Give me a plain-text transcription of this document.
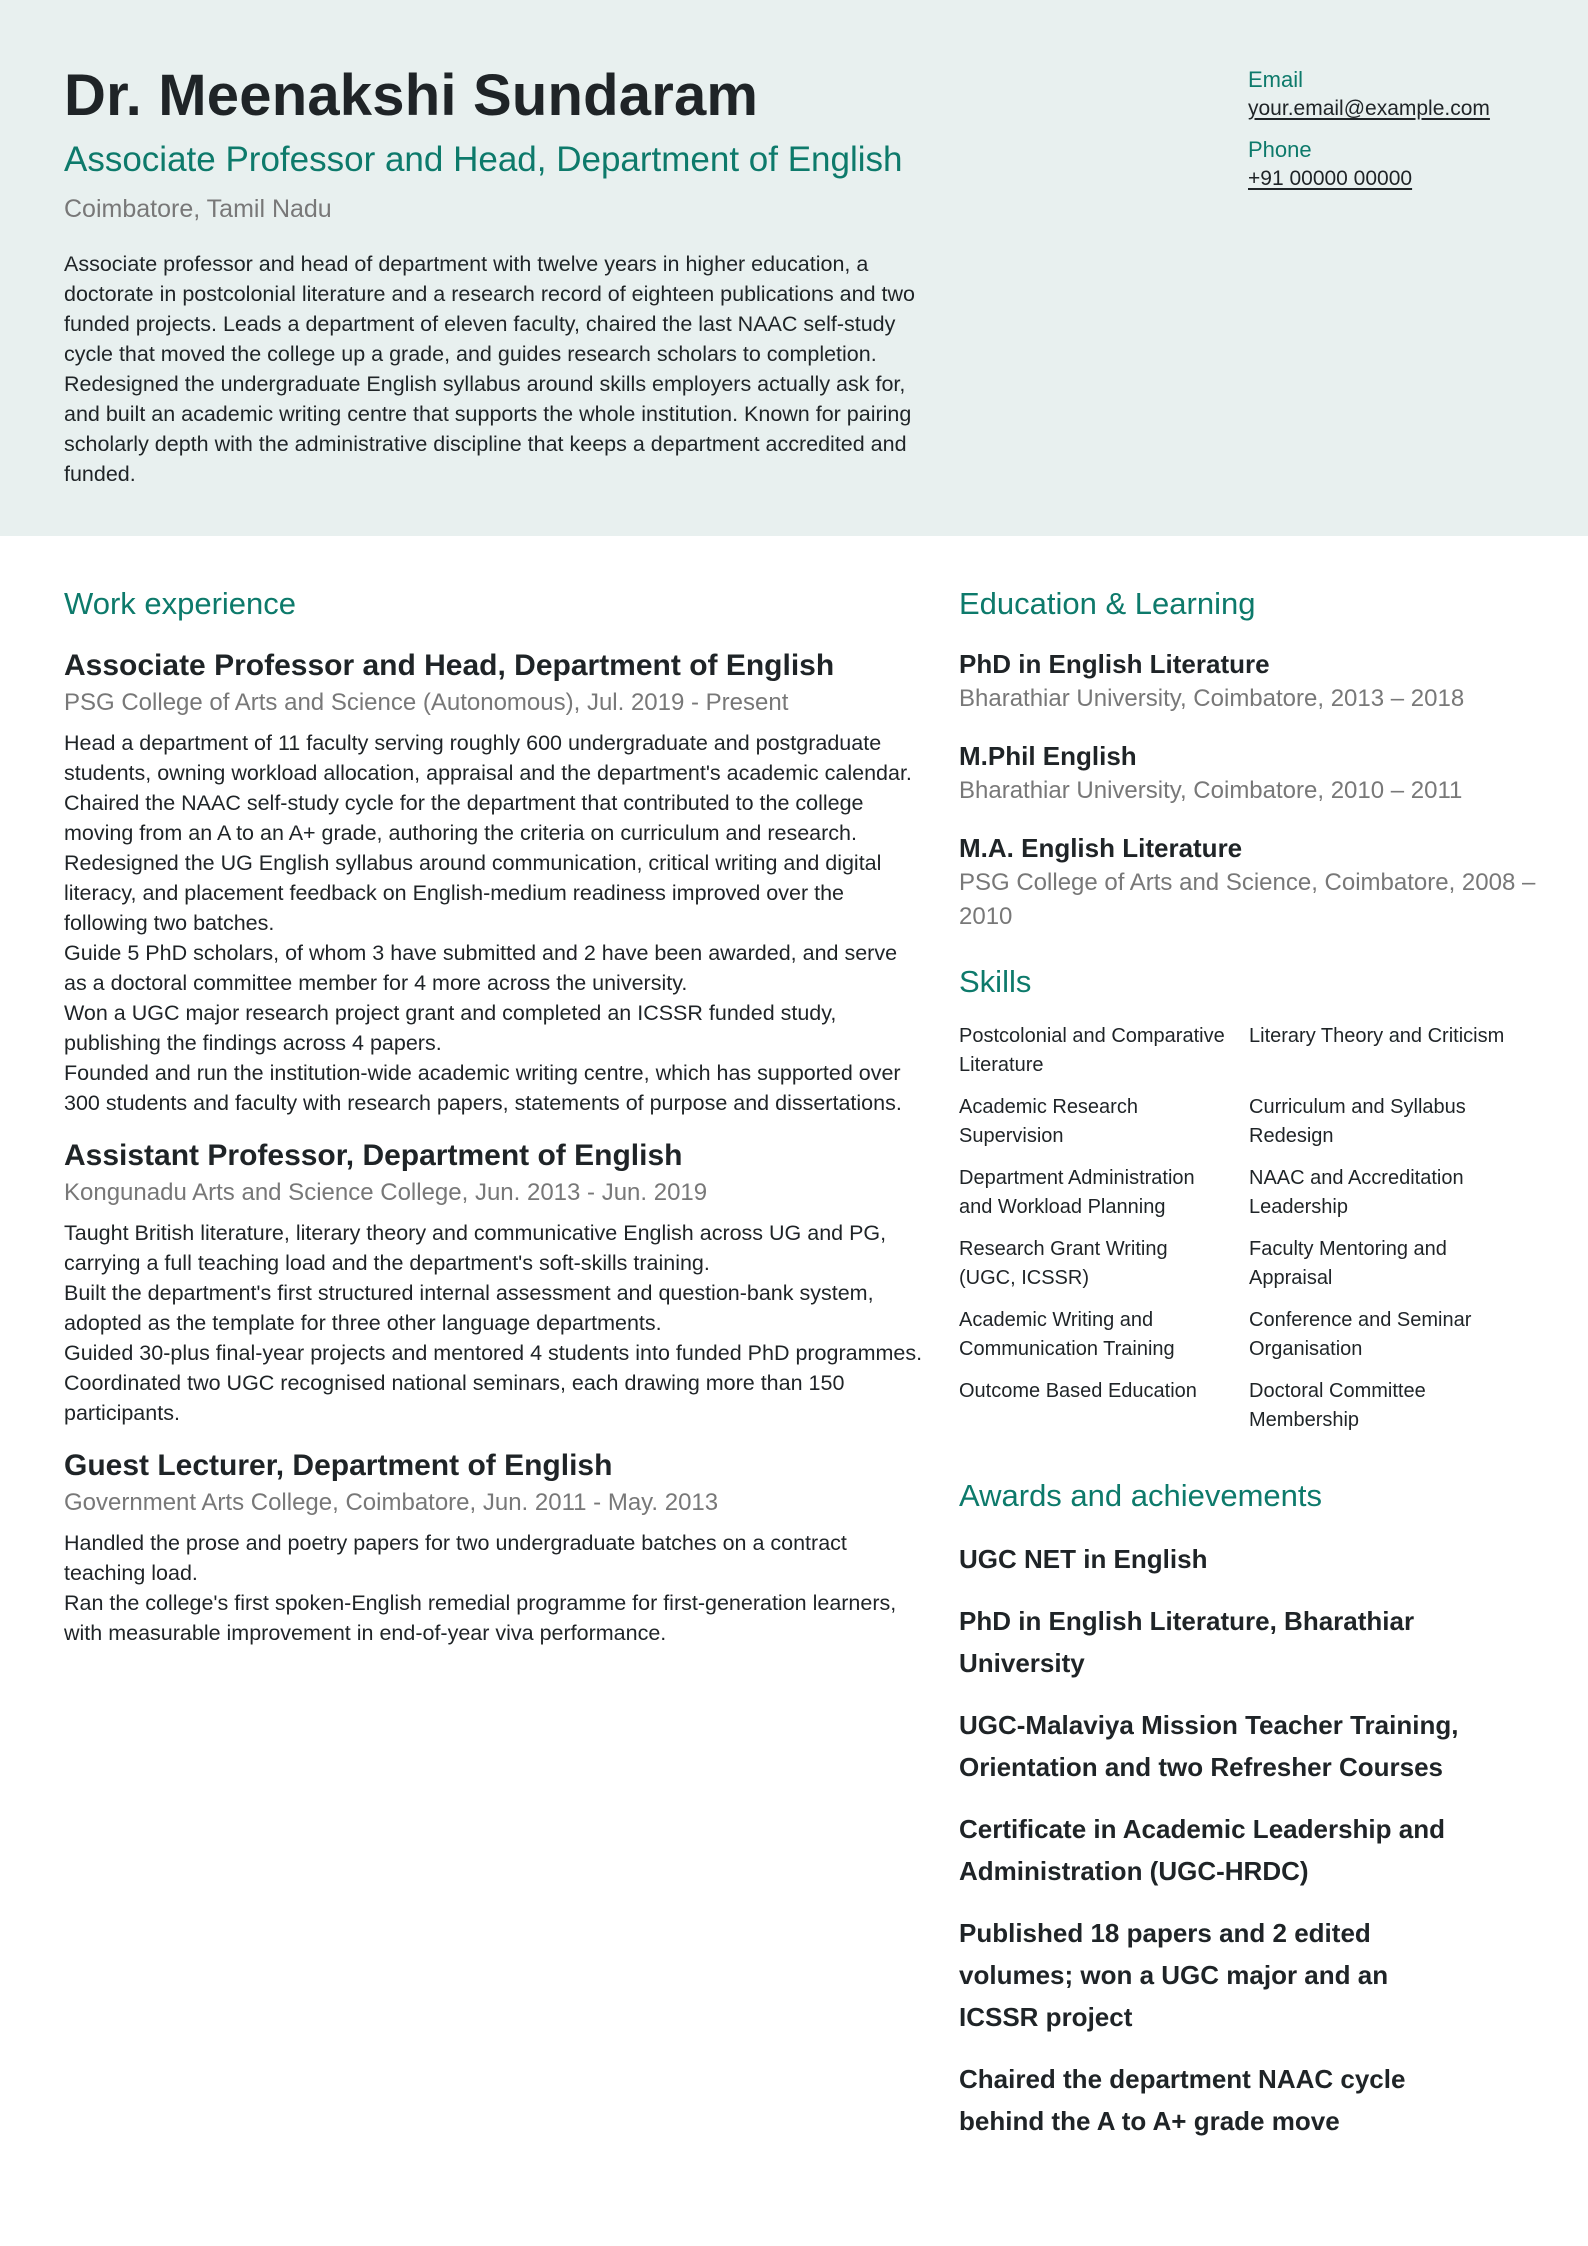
Dr. Meenakshi Sundaram
Associate Professor and Head, Department of English
Coimbatore, Tamil Nadu
Associate professor and head of department with twelve years in higher education, a doctorate in postcolonial literature and a research record of eighteen publications and two funded projects. Leads a department of eleven faculty, chaired the last NAAC self-study cycle that moved the college up a grade, and guides research scholars to completion. Redesigned the undergraduate English syllabus around skills employers actually ask for, and built an academic writing centre that supports the whole institution. Known for pairing scholarly depth with the administrative discipline that keeps a department accredited and funded.
Email
your.email@example.com
Phone
+91 00000 00000
Work experience
Associate Professor and Head, Department of English
PSG College of Arts and Science (Autonomous), Jul. 2019 - Present
Head a department of 11 faculty serving roughly 600 undergraduate and postgraduate students, owning workload allocation, appraisal and the department's academic calendar.
Chaired the NAAC self-study cycle for the department that contributed to the college moving from an A to an A+ grade, authoring the criteria on curriculum and research.
Redesigned the UG English syllabus around communication, critical writing and digital literacy, and placement feedback on English-medium readiness improved over the following two batches.
Guide 5 PhD scholars, of whom 3 have submitted and 2 have been awarded, and serve as a doctoral committee member for 4 more across the university.
Won a UGC major research project grant and completed an ICSSR funded study, publishing the findings across 4 papers.
Founded and run the institution-wide academic writing centre, which has supported over 300 students and faculty with research papers, statements of purpose and dissertations.
Assistant Professor, Department of English
Kongunadu Arts and Science College, Jun. 2013 - Jun. 2019
Taught British literature, literary theory and communicative English across UG and PG, carrying a full teaching load and the department's soft-skills training.
Built the department's first structured internal assessment and question-bank system, adopted as the template for three other language departments.
Guided 30-plus final-year projects and mentored 4 students into funded PhD programmes.
Coordinated two UGC recognised national seminars, each drawing more than 150 participants.
Guest Lecturer, Department of English
Government Arts College, Coimbatore, Jun. 2011 - May. 2013
Handled the prose and poetry papers for two undergraduate batches on a contract teaching load.
Ran the college's first spoken-English remedial programme for first-generation learners, with measurable improvement in end-of-year viva performance.
Education & Learning
PhD in English Literature
Bharathiar University, Coimbatore, 2013 – 2018
M.Phil English
Bharathiar University, Coimbatore, 2010 – 2011
M.A. English Literature
PSG College of Arts and Science, Coimbatore, 2008 – 2010
Skills
Postcolonial and Comparative Literature
Literary Theory and Criticism
Academic Research Supervision
Curriculum and Syllabus Redesign
Department Administration and Workload Planning
NAAC and Accreditation Leadership
Research Grant Writing (UGC, ICSSR)
Faculty Mentoring and Appraisal
Academic Writing and Communication Training
Conference and Seminar Organisation
Outcome Based Education	Doctoral Committee Membership
Awards and achievements
UGC NET in English
PhD in English Literature, Bharathiar University
UGC-Malaviya Mission Teacher Training, Orientation and two Refresher Courses
Certificate in Academic Leadership and Administration (UGC-HRDC)
Published 18 papers and 2 edited volumes; won a UGC major and an ICSSR project
Chaired the department NAAC cycle behind the A to A+ grade move
